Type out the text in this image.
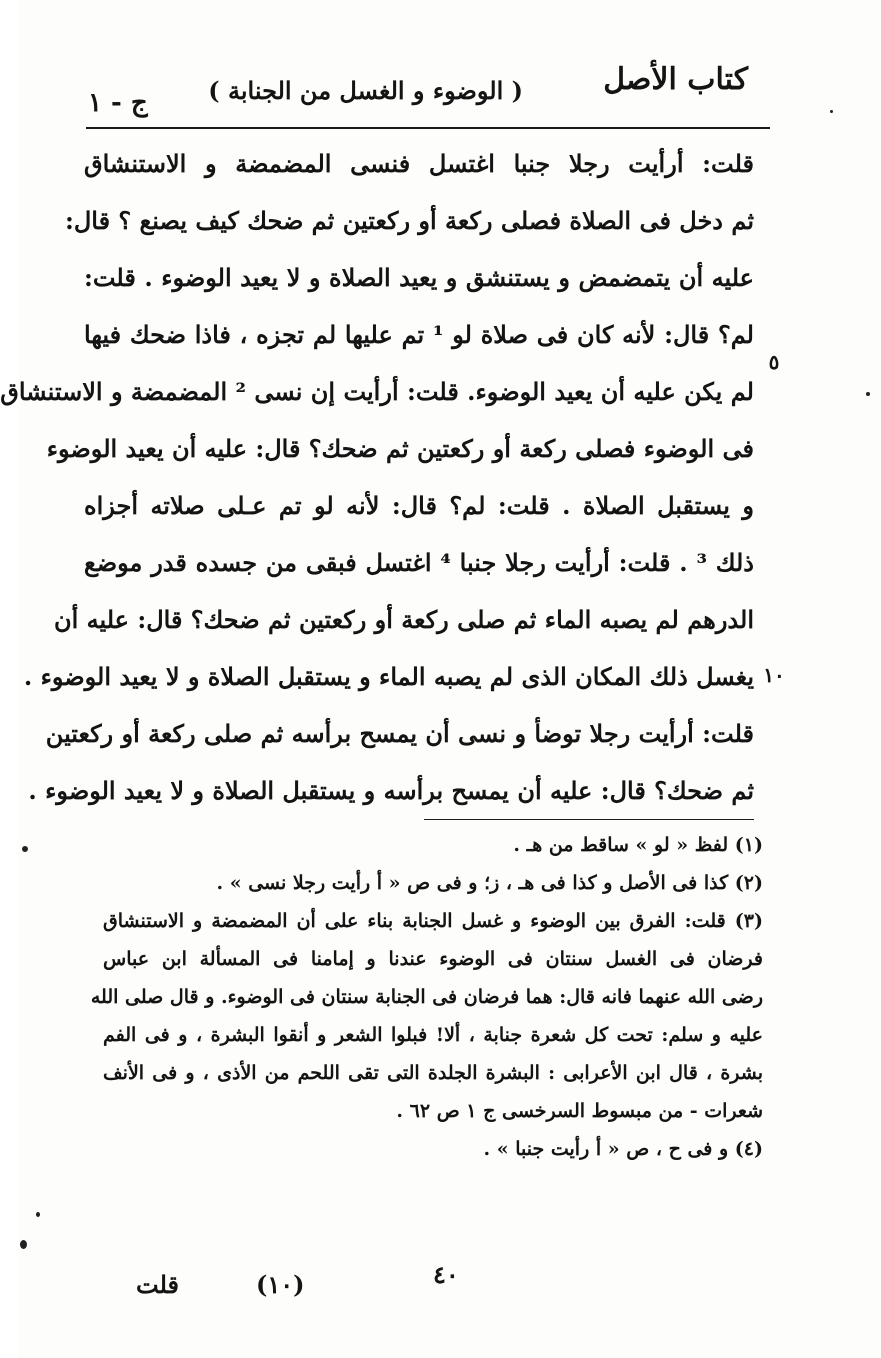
كتاب الأصل
( الوضوء و الغسل من الجنابة )
ج - ١
قلت: أرأيت رجلا جنبا اغتسل فنسى المضمضة و الاستنشاق
ثم دخل فى الصلاة فصلى ركعة أو ركعتين ثم ضحك كيف يصنع ؟ قال:
عليه أن يتمضمض و يستنشق و يعيد الصلاة و لا يعيد الوضوء . قلت:
لم؟ قال: لأنه كان فى صلاة لو ¹ تم عليها لم تجزه ، فاذا ضحك فيها
لم يكن عليه أن يعيد الوضوء. قلت: أرأيت إن نسى ² المضمضة و الاستنشاق
فى الوضوء فصلى ركعة أو ركعتين ثم ضحك؟ قال: عليه أن يعيد الوضوء
و يستقبل الصلاة . قلت: لم؟ قال: لأنه لو تم عـلى صلاته أجزاه
ذلك ³ . قلت: أرأيت رجلا جنبا ⁴ اغتسل فبقى من جسده قدر موضع
الدرهم لم يصبه الماء ثم صلى ركعة أو ركعتين ثم ضحك؟ قال: عليه أن
يغسل ذلك المكان الذى لم يصبه الماء و يستقبل الصلاة و لا يعيد الوضوء .
قلت: أرأيت رجلا توضأ و نسى أن يمسح برأسه ثم صلى ركعة أو ركعتين
ثم ضحك؟ قال: عليه أن يمسح برأسه و يستقبل الصلاة و لا يعيد الوضوء .
٥
١٠
(١) لفظ « لو » ساقط من هـ .
(٢) كذا فى الأصل و كذا فى هـ ، ز؛ و فى ص « أ رأيت رجلا نسى » .
(٣) قلت: الفرق بين الوضوء و غسل الجنابة بناء على أن المضمضة و الاستنشاق
فرضان فى الغسل سنتان فى الوضوء عندنا و إمامنا فى المسألة ابن عباس
رضى الله عنهما فانه قال: هما فرضان فى الجنابة سنتان فى الوضوء. و قال صلى الله
عليه و سلم: تحت كل شعرة جنابة ، ألا! فبلوا الشعر و أنقوا البشرة ، و فى الفم
بشرة ، قال ابن الأعرابى : البشرة الجلدة التى تقى اللحم من الأذى ، و فى الأنف
شعرات - من مبسوط السرخسى ج ١ ص ٦٢ .
(٤) و فى ح ، ص « أ رأيت جنبا » .
٤٠
(١٠)
قلت
